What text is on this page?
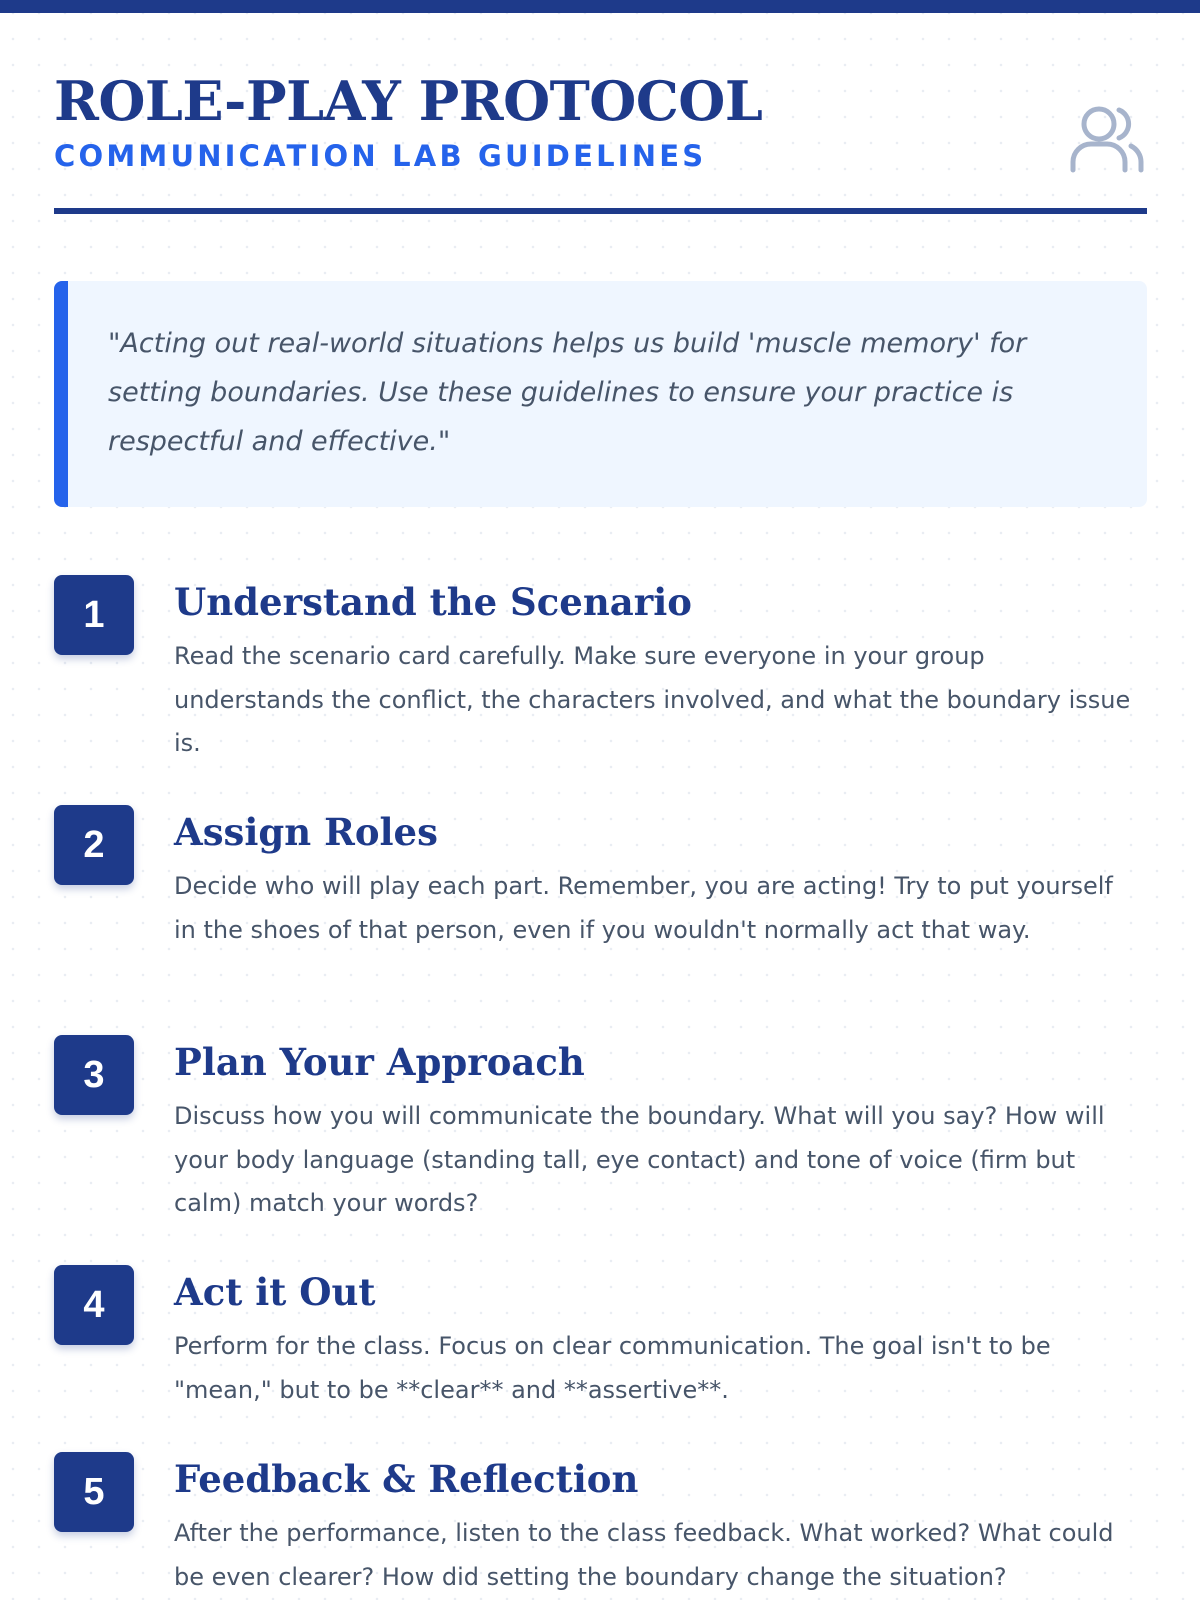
ROLE-PLAY PROTOCOL
COMMUNICATION LAB GUIDELINES

"Acting out real-world situations helps us build 'muscle memory' for setting boundaries. Use these guidelines to ensure your practice is respectful and effective."

1	Understand the Scenario

Read the scenario card carefully. Make sure everyone in your group understands the conflict, the characters involved, and what the boundary issue is.

2	Assign Roles

Decide who will play each part. Remember, you are acting! Try to put yourself in the shoes of that person, even if you wouldn't normally act that way.

3	Plan Your Approach

Discuss how you will communicate the boundary. What will you say? How will your body language (standing tall, eye contact) and tone of voice (firm but calm) match your words?

4	Act it Out

Perform for the class. Focus on clear communication. The goal isn't to be "mean," but to be **clear** and **assertive**.

5	Feedback & Reflection

After the performance, listen to the class feedback. What worked? What could be even clearer? How did setting the boundary change the situation?
